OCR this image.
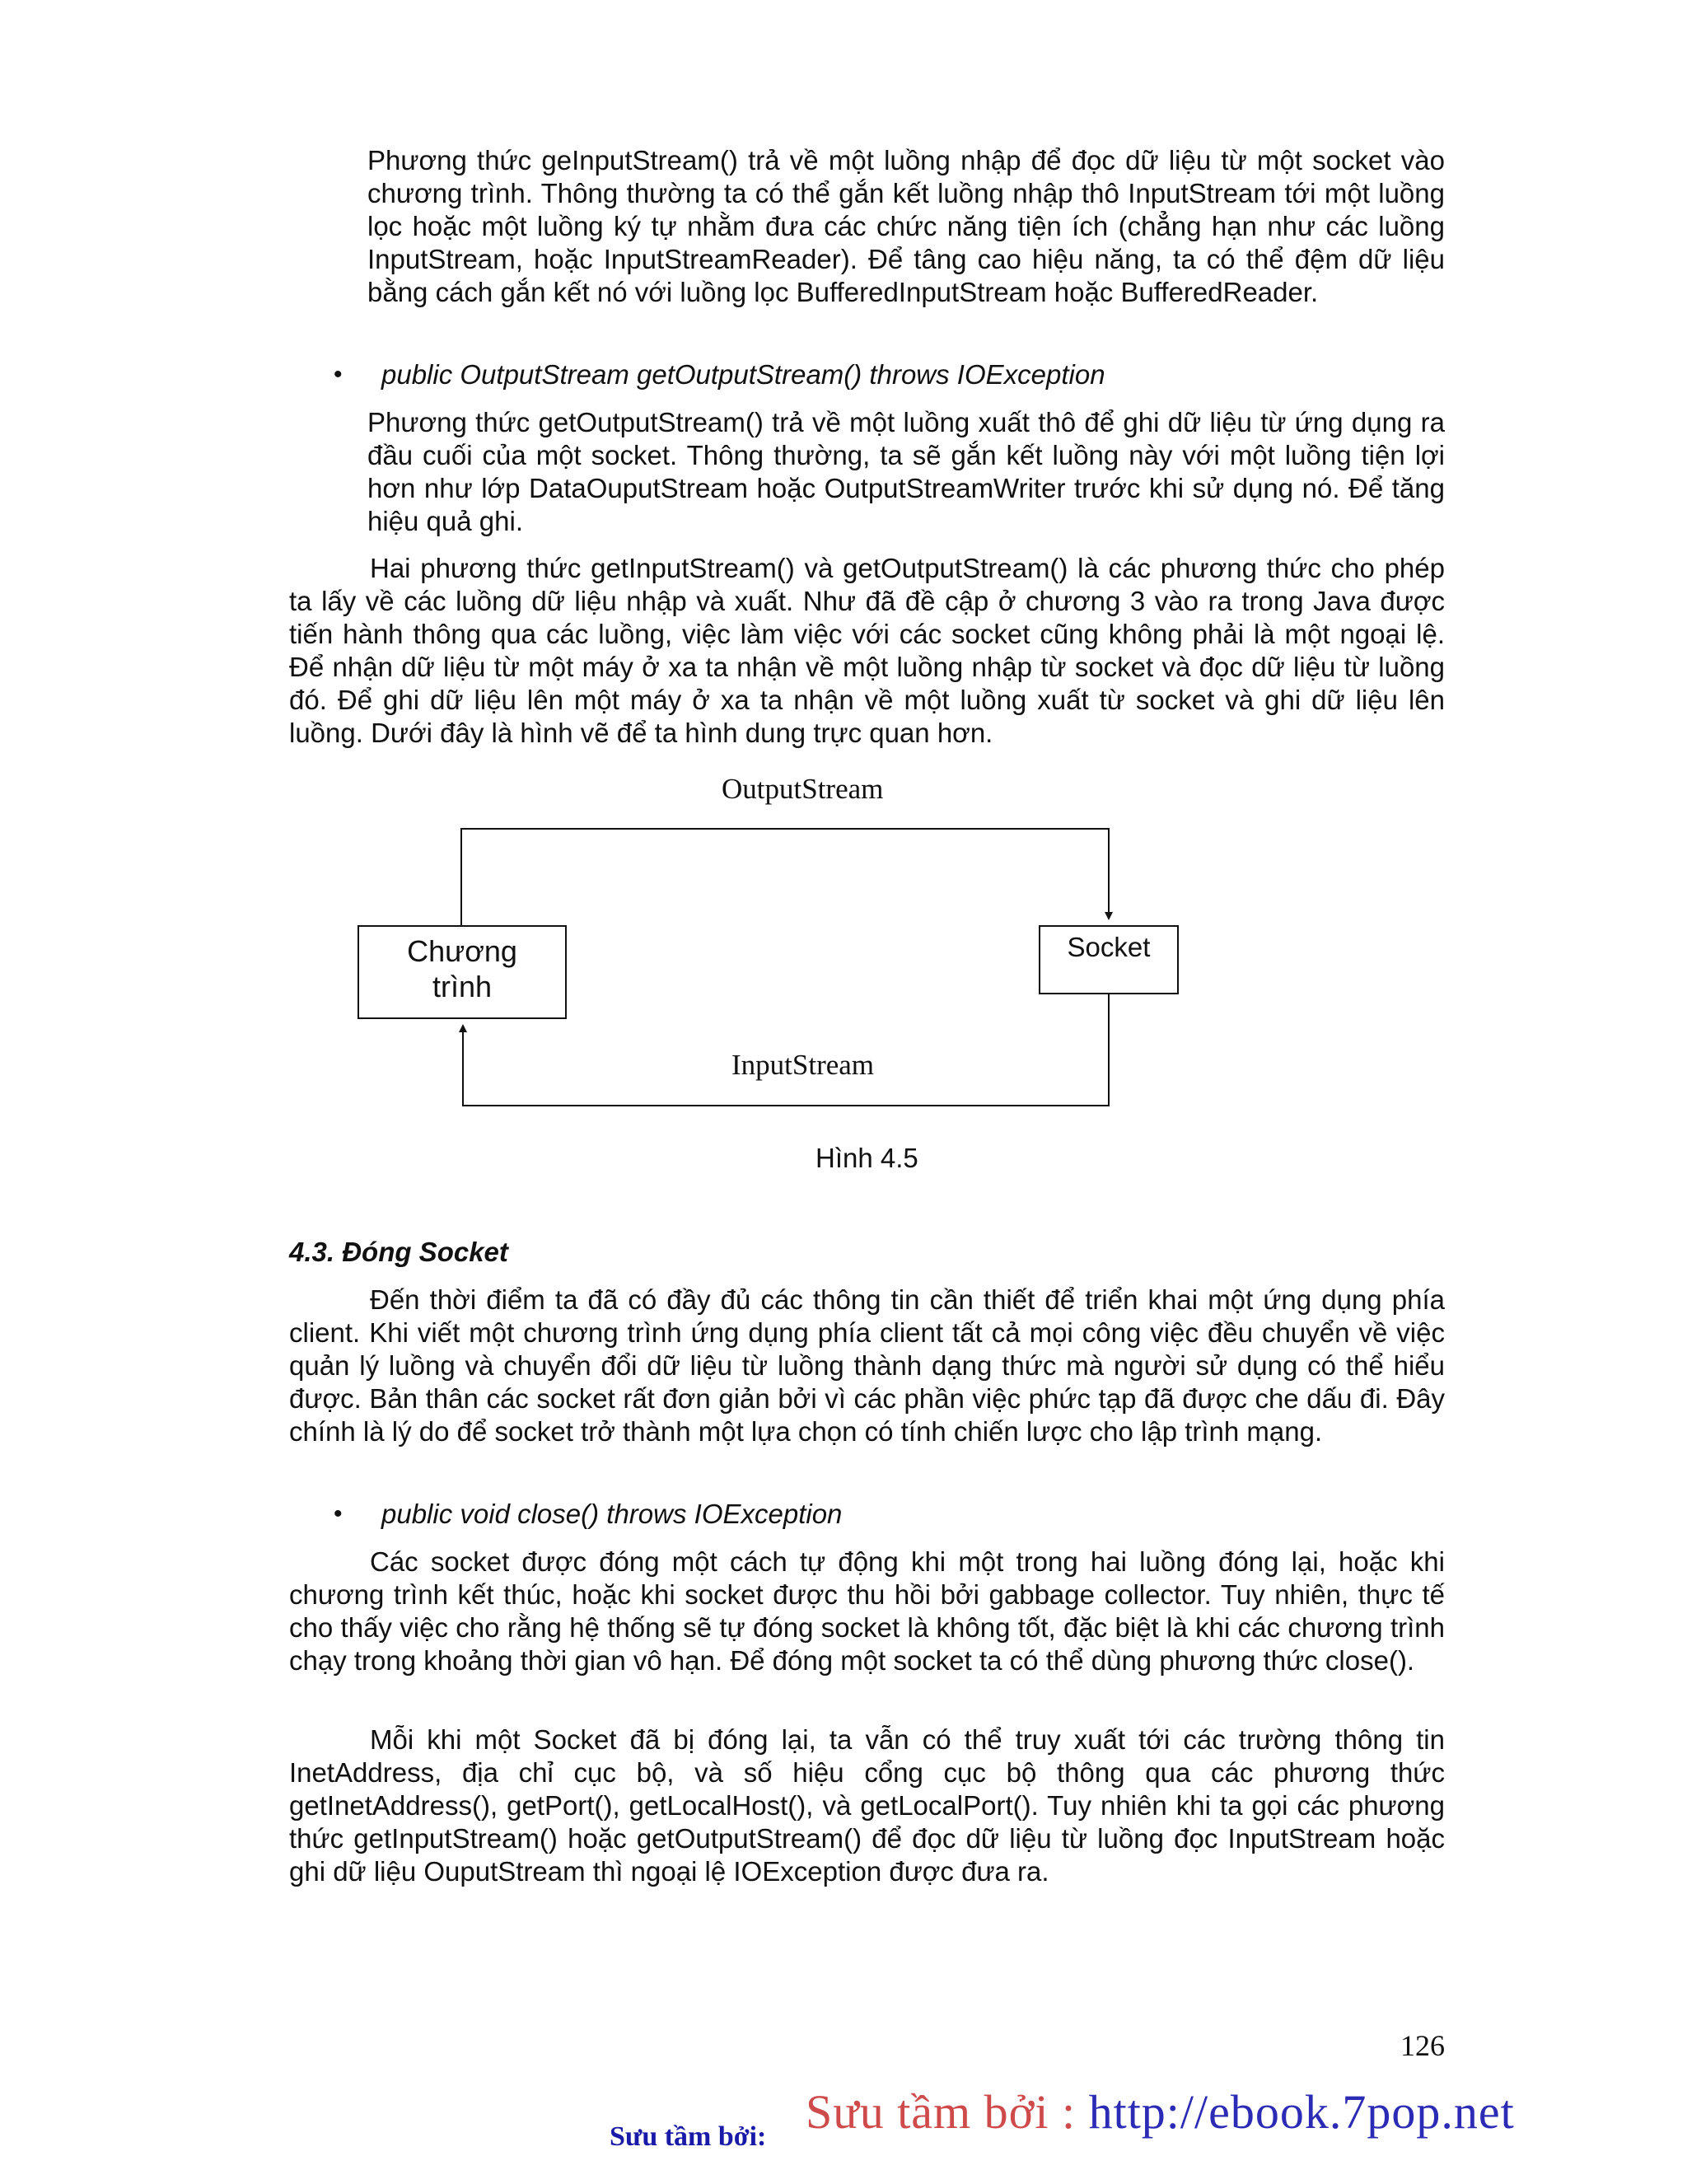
Phương thức geInputStream() trả về một luồng nhập để đọc dữ liệu từ một socket vào chương trình. Thông thường ta có thể gắn kết luồng nhập thô InputStream tới một luồng lọc hoặc một luồng ký tự nhằm đưa các chức năng tiện ích (chẳng hạn như các luồng InputStream, hoặc InputStreamReader). Để tâng cao hiệu năng, ta có thể đệm dữ liệu bằng cách gắn kết nó với luồng lọc BufferedInputStream hoặc BufferedReader.

• public OutputStream getOutputStream() throws IOException

Phương thức getOutputStream() trả về một luồng xuất thô để ghi dữ liệu từ ứng dụng ra đầu cuối của một socket. Thông thường, ta sẽ gắn kết luồng này với một luồng tiện lợi hơn như lớp DataOuputStream hoặc OutputStreamWriter trước khi sử dụng nó. Để tăng hiệu quả ghi.

Hai phương thức getInputStream() và getOutputStream() là các phương thức cho phép ta lấy về các luồng dữ liệu nhập và xuất. Như đã đề cập ở chương 3 vào ra trong Java được tiến hành thông qua các luồng, việc làm việc với các socket cũng không phải là một ngoại lệ. Để nhận dữ liệu từ một máy ở xa ta nhận về một luồng nhập từ socket và đọc dữ liệu từ luồng đó. Để ghi dữ liệu lên một máy ở xa ta nhận về một luồng xuất từ socket và ghi dữ liệu lên luồng. Dưới đây là hình vẽ để ta hình dung trực quan hơn.

OutputStream
InputStream
Chương
trình
Socket
Hình 4.5
4.3. Đóng Socket

Đến thời điểm ta đã có đầy đủ các thông tin cần thiết để triển khai một ứng dụng phía client. Khi viết một chương trình ứng dụng phía client tất cả mọi công việc đều chuyển về việc quản lý luồng và chuyển đổi dữ liệu từ luồng thành dạng thức mà người sử dụng có thể hiểu được. Bản thân các socket rất đơn giản bởi vì các phần việc phức tạp đã được che dấu đi. Đây chính là lý do để socket trở thành một lựa chọn có tính chiến lược cho lập trình mạng.

• public void close() throws IOException

Các socket được đóng một cách tự động khi một trong hai luồng đóng lại, hoặc khi chương trình kết thúc, hoặc khi socket được thu hồi bởi gabbage collector. Tuy nhiên, thực tế cho thấy việc cho rằng hệ thống sẽ tự đóng socket là không tốt, đặc biệt là khi các chương trình chạy trong khoảng thời gian vô hạn. Để đóng một socket ta có thể dùng phương thức close().

Mỗi khi một Socket đã bị đóng lại, ta vẫn có thể truy xuất tới các trường thông tin InetAddress, địa chỉ cục bộ, và số hiệu cổng cục bộ thông qua các phương thức getInetAddress(), getPort(), getLocalHost(), và getLocalPort(). Tuy nhiên khi ta gọi các phương thức getInputStream() hoặc getOutputStream() để đọc dữ liệu từ luồng đọc InputStream hoặc ghi dữ liệu OuputStream thì ngoại lệ IOException được đưa ra.

126
Sưu tầm bởi: Sưu tầm bởi : http://ebook.7pop.net
